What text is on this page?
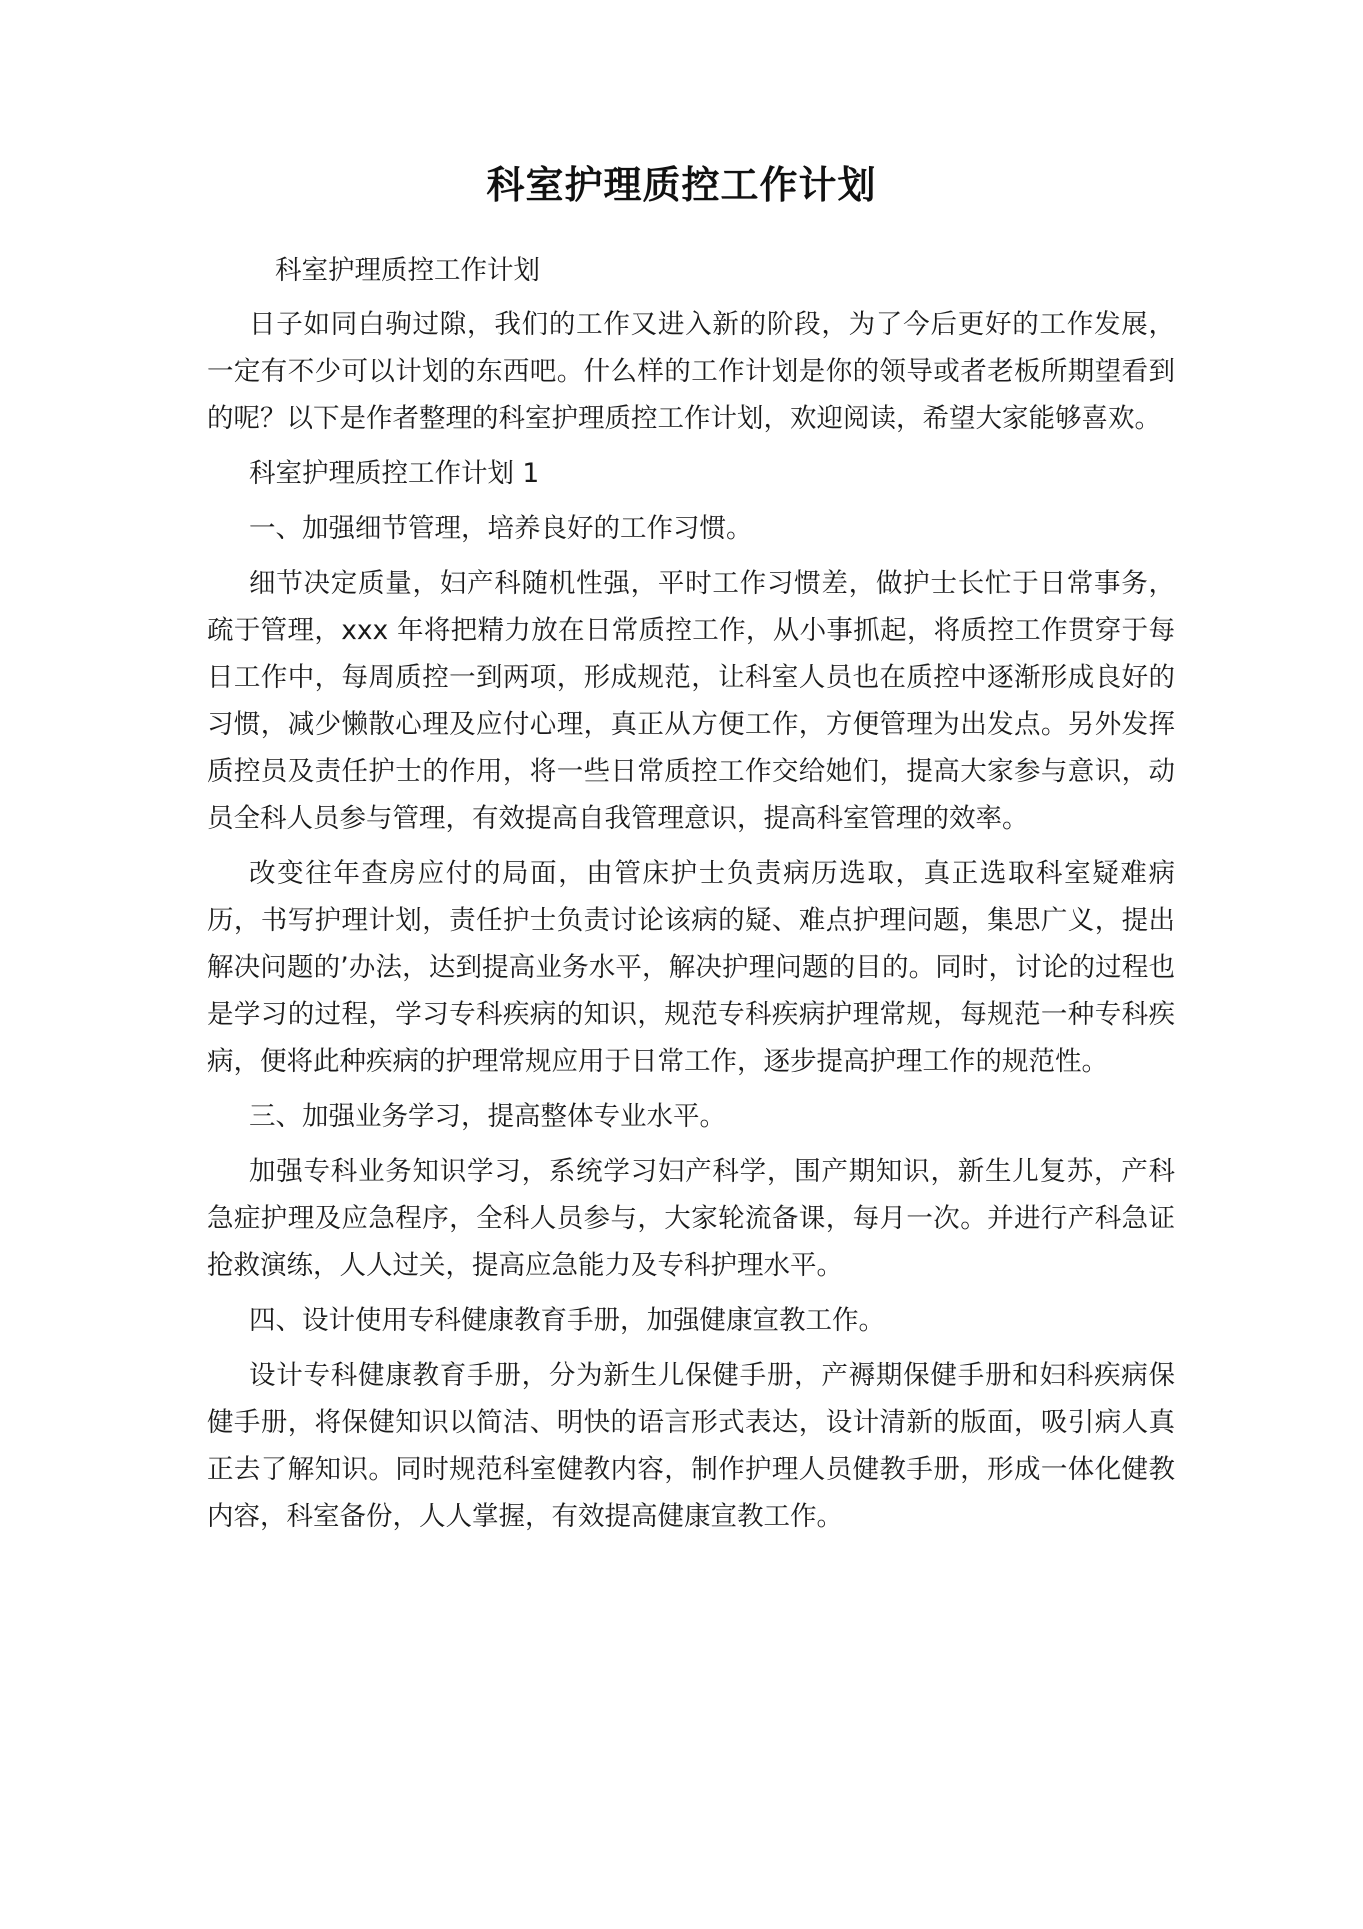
科室护理质控工作计划
科室护理质控工作计划
日子如同白驹过隙，我们的工作又进入新的阶段，为了今后更好的工作发展，一定有不少可以计划的东西吧。什么样的工作计划是你的领导或者老板所期望看到的呢？以下是作者整理的科室护理质控工作计划，欢迎阅读，希望大家能够喜欢。
科室护理质控工作计划 1
一、加强细节管理，培养良好的工作习惯。
细节决定质量，妇产科随机性强，平时工作习惯差，做护士长忙于日常事务，疏于管理，xxx 年将把精力放在日常质控工作，从小事抓起，将质控工作贯穿于每日工作中，每周质控一到两项，形成规范，让科室人员也在质控中逐渐形成良好的习惯，减少懒散心理及应付心理，真正从方便工作，方便管理为出发点。另外发挥质控员及责任护士的作用，将一些日常质控工作交给她们，提高大家参与意识，动员全科人员参与管理，有效提高自我管理意识，提高科室管理的效率。
改变往年查房应付的局面，由管床护士负责病历选取，真正选取科室疑难病历，书写护理计划，责任护士负责讨论该病的疑、难点护理问题，集思广义，提出解决问题的’办法，达到提高业务水平，解决护理问题的目的。同时，讨论的过程也是学习的过程，学习专科疾病的知识，规范专科疾病护理常规，每规范一种专科疾病，便将此种疾病的护理常规应用于日常工作，逐步提高护理工作的规范性。
三、加强业务学习，提高整体专业水平。
加强专科业务知识学习，系统学习妇产科学，围产期知识，新生儿复苏，产科急症护理及应急程序，全科人员参与，大家轮流备课，每月一次。并进行产科急证抢救演练，人人过关，提高应急能力及专科护理水平。
四、设计使用专科健康教育手册，加强健康宣教工作。
设计专科健康教育手册，分为新生儿保健手册，产褥期保健手册和妇科疾病保健手册，将保健知识以简洁、明快的语言形式表达，设计清新的版面，吸引病人真正去了解知识。同时规范科室健教内容，制作护理人员健教手册，形成一体化健教内容，科室备份，人人掌握，有效提高健康宣教工作。
